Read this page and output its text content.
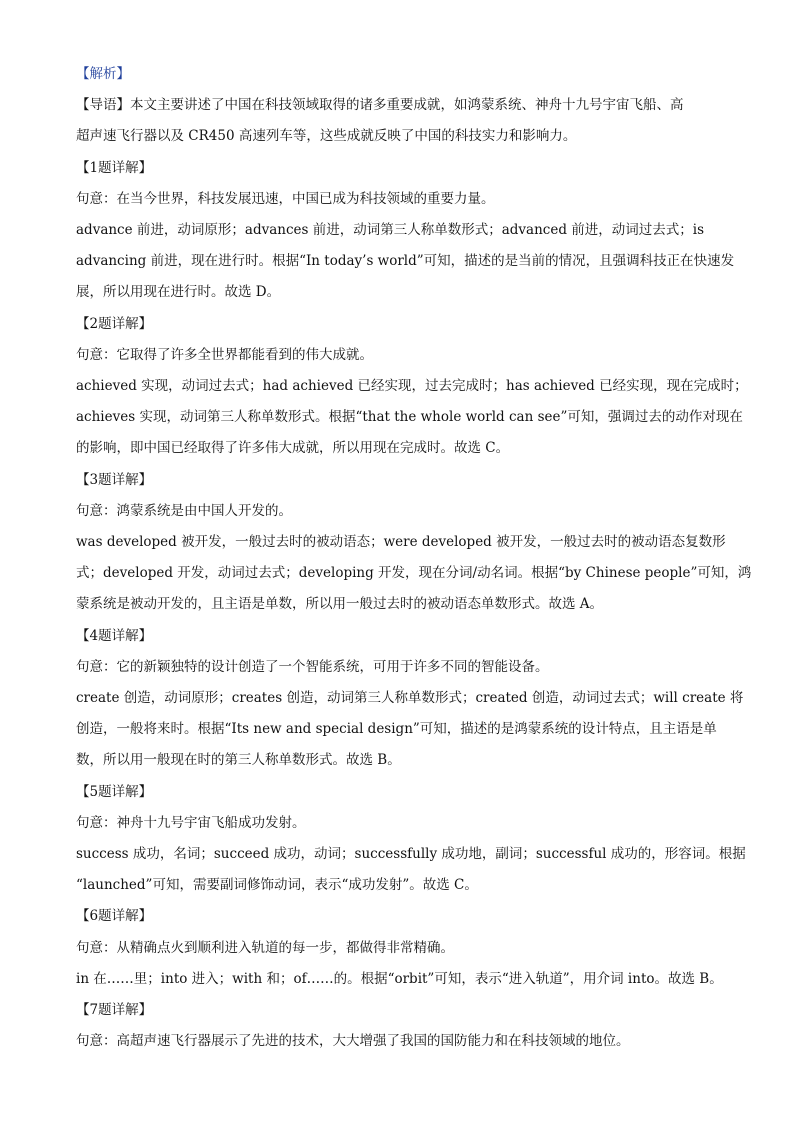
【解析】

【导语】本文主要讲述了中国在科技领域取得的诸多重要成就，如鸿蒙系统、神舟十九号宇宙飞船、高

超声速飞行器以及 CR450 高速列车等，这些成就反映了中国的科技实力和影响力。

【1题详解】

句意：在当今世界，科技发展迅速，中国已成为科技领域的重要力量。

advance 前进，动词原形；advances 前进，动词第三人称单数形式；advanced 前进，动词过去式；is

advancing 前进，现在进行时。根据“In today’s world”可知，描述的是当前的情况，且强调科技正在快速发

展，所以用现在进行时。故选 D。

【2题详解】

句意：它取得了许多全世界都能看到的伟大成就。

achieved 实现，动词过去式；had achieved 已经实现，过去完成时；has achieved 已经实现，现在完成时；

achieves 实现，动词第三人称单数形式。根据“that the whole world can see”可知，强调过去的动作对现在

的影响，即中国已经取得了许多伟大成就，所以用现在完成时。故选 C。

【3题详解】

句意：鸿蒙系统是由中国人开发的。

was developed 被开发，一般过去时的被动语态；were developed 被开发，一般过去时的被动语态复数形

式；developed 开发，动词过去式；developing 开发，现在分词/动名词。根据“by Chinese people”可知，鸿

蒙系统是被动开发的，且主语是单数，所以用一般过去时的被动语态单数形式。故选 A。

【4题详解】

句意：它的新颖独特的设计创造了一个智能系统，可用于许多不同的智能设备。

create 创造，动词原形；creates 创造，动词第三人称单数形式；created 创造，动词过去式；will create 将

创造，一般将来时。根据“Its new and special design”可知，描述的是鸿蒙系统的设计特点，且主语是单

数，所以用一般现在时的第三人称单数形式。故选 B。

【5题详解】

句意：神舟十九号宇宙飞船成功发射。

success 成功，名词；succeed 成功，动词；successfully 成功地，副词；successful 成功的，形容词。根据

“launched”可知，需要副词修饰动词，表示“成功发射”。故选 C。

【6题详解】

句意：从精确点火到顺利进入轨道的每一步，都做得非常精确。

in 在……里；into 进入；with 和；of……的。根据“orbit”可知，表示“进入轨道”，用介词 into。故选 B。

【7题详解】

句意：高超声速飞行器展示了先进的技术，大大增强了我国的国防能力和在科技领域的地位。
